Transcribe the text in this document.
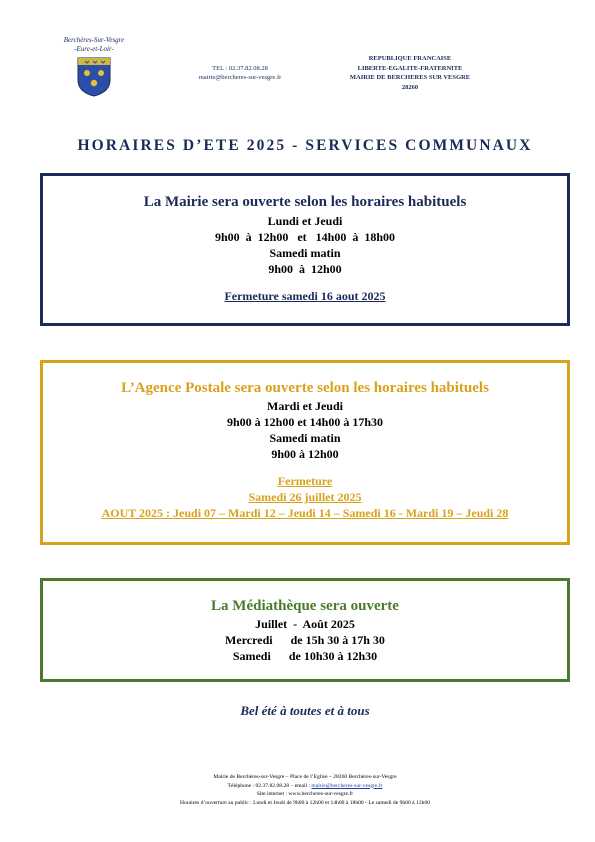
Berchères-Sur-Vesgre
-Eure-et-Loir-
TEL : 02.37.82.08.28
mairie@bercheres-sur-vesgre.fr
REPUBLIQUE FRANCAISE
LIBERTE-EGALITE-FRATERNITE
MAIRIE DE BERCHERES SUR VESGRE
28260
HORAIRES D’ETE 2025 - SERVICES COMMUNAUX
La Mairie sera ouverte selon les horaires habituels
Lundi et Jeudi
9h00  à  12h00   et   14h00  à  18h00
Samedi matin
9h00  à  12h00
Fermeture samedi 16 aout 2025
L’Agence Postale sera ouverte selon les horaires habituels
Mardi et Jeudi
9h00 à 12h00 et 14h00 à 17h30
Samedi matin
9h00 à 12h00
Fermeture
Samedi 26 juillet 2025
AOUT 2025 : Jeudi 07 – Mardi 12 – Jeudi 14 – Samedi 16 - Mardi 19 – Jeudi 28
La Médiathèque sera ouverte
Juillet  -  Août 2025
Mercredi      de 15h 30 à 17h 30
Samedi      de 10h30 à 12h30
Bel été à toutes et à tous
Mairie de Berchères-sur-Vesgre – Place de l’Eglise – 28260 Berchères-sur-Vesgre
Téléphone : 02.37.82.08.28 – email : mairie@bercheres-sur-vesgre.fr
Site internet : www.bercheres-sur-vesgre.fr
Horaires d’ouverture au public : Lundi et Jeudi de 9h00 à 12h00 et 14h00 à 18h00 - Le samedi de 9h00 à 12h00
